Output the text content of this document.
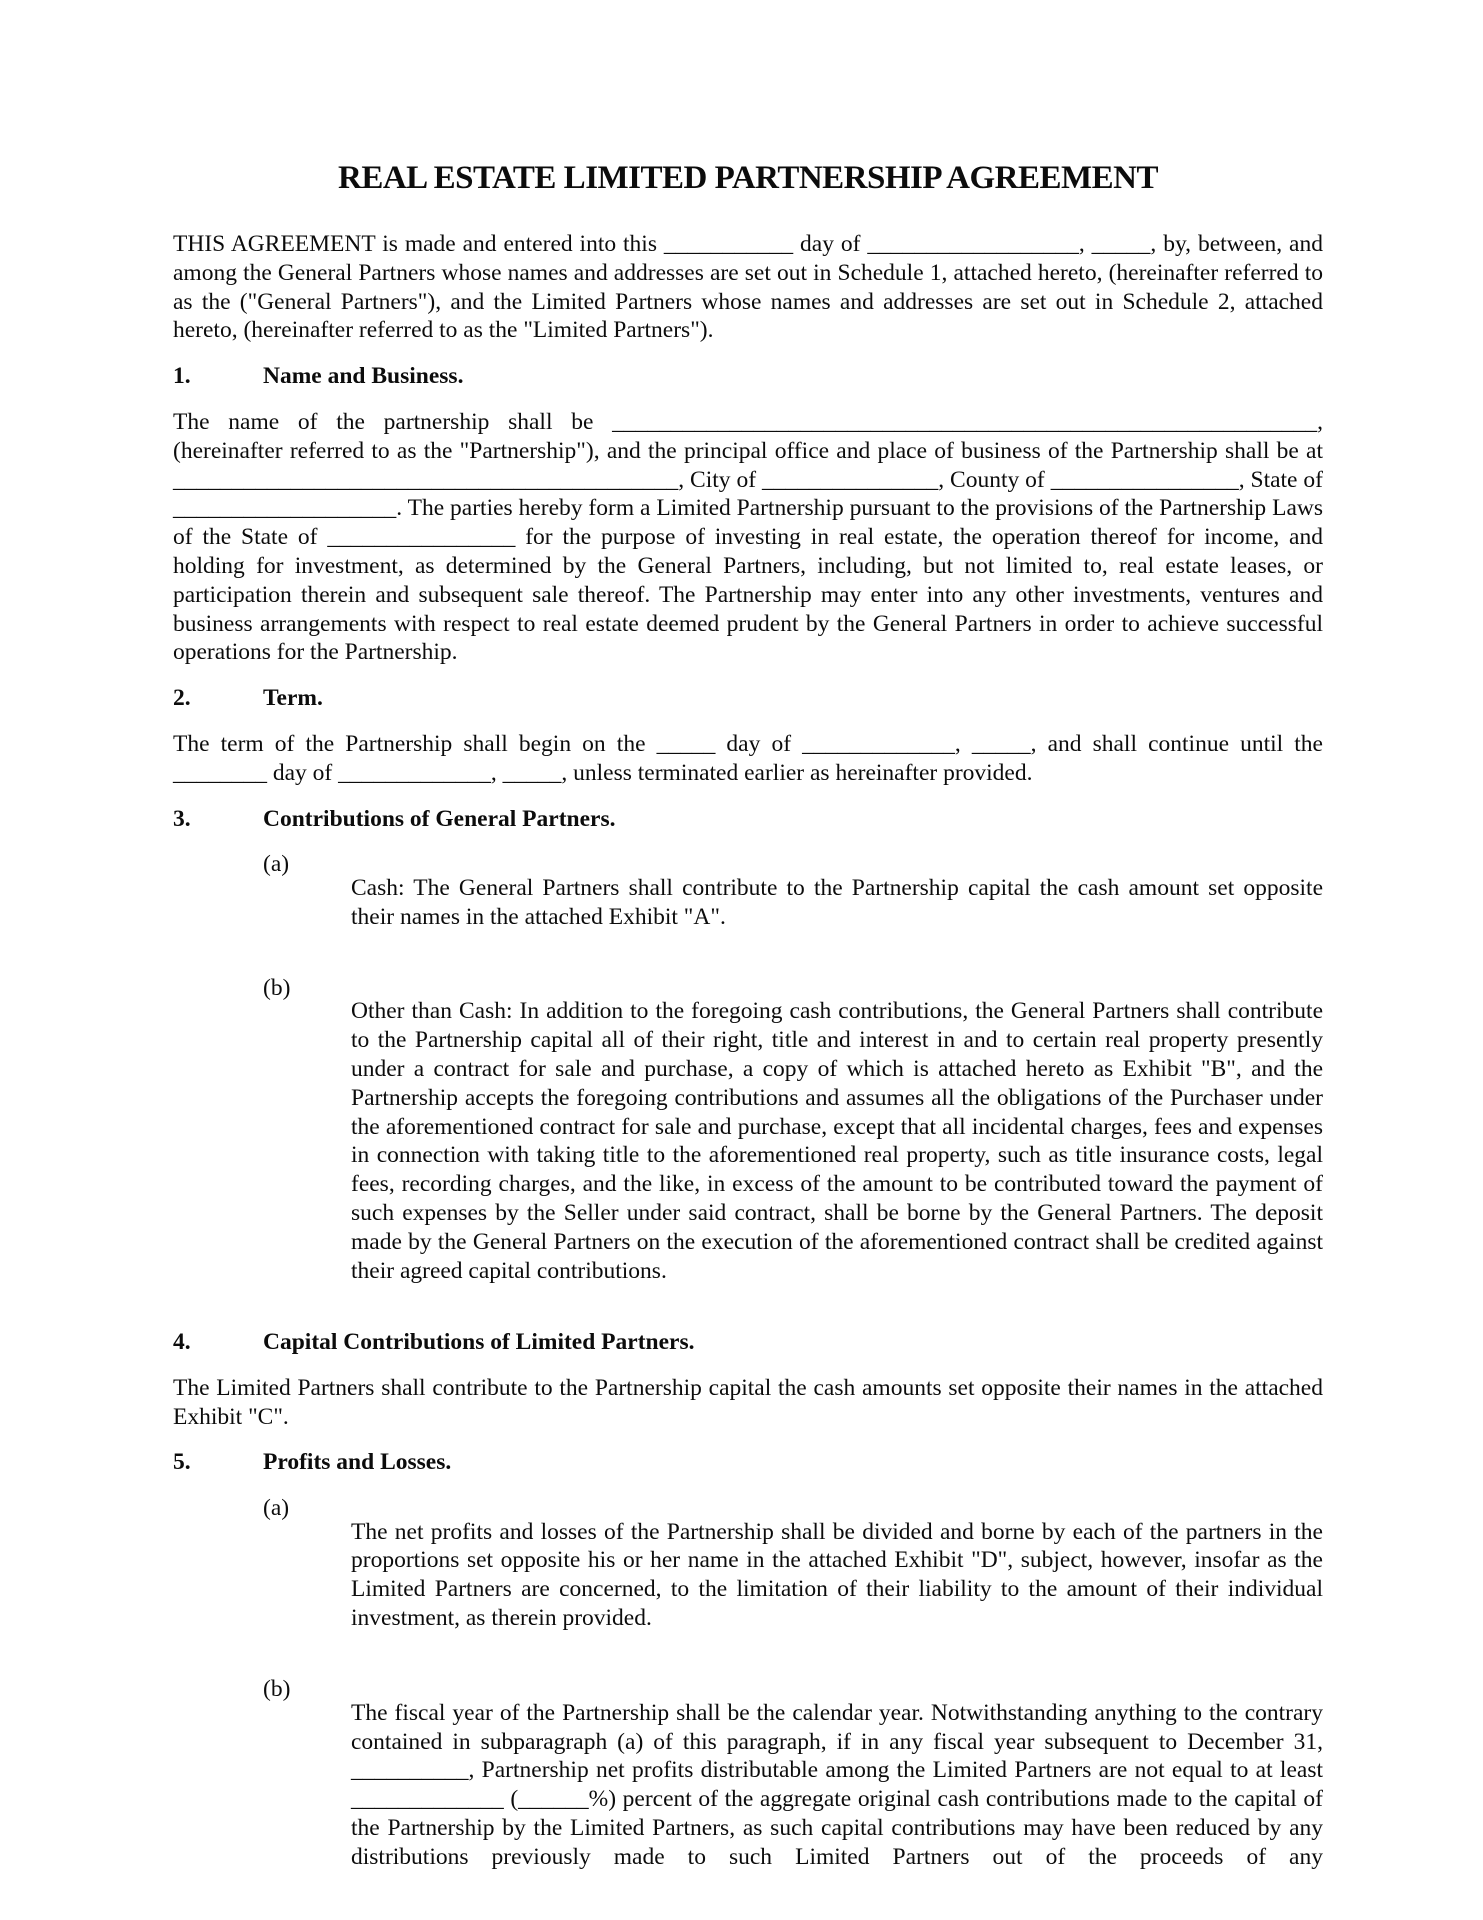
REAL ESTATE LIMITED PARTNERSHIP AGREEMENT

THIS AGREEMENT is made and entered into this ___________ day of __________________, _____, by, between, and among the General Partners whose names and addresses are set out in Schedule 1, attached hereto, (hereinafter referred to as the ("General Partners"), and the Limited Partners whose names and addresses are set out in Schedule 2, attached hereto, (hereinafter referred to as the "Limited Partners").

1.	Name and Business.

The name of the partnership shall be ____________________________________________________________, (hereinafter referred to as the "Partnership"), and the principal office and place of business of the Partnership shall be at ___________________________________________, City of _______________, County of ________________, State of ___________________. The parties hereby form a Limited Partnership pursuant to the provisions of the Partnership Laws of the State of ________________ for the purpose of investing in real estate, the operation thereof for income, and holding for investment, as determined by the General Partners, including, but not limited to, real estate leases, or participation therein and subsequent sale thereof. The Partnership may enter into any other investments, ventures and business arrangements with respect to real estate deemed prudent by the General Partners in order to achieve successful operations for the Partnership.

2.	Term.

The term of the Partnership shall begin on the _____ day of _____________, _____, and shall continue until the ________ day of _____________, _____, unless terminated earlier as hereinafter provided.

3.	Contributions of General Partners.
(a)

Cash: The General Partners shall contribute to the Partnership capital the cash amount set opposite their names in the attached Exhibit "A".

(b)

Other than Cash: In addition to the foregoing cash contributions, the General Partners shall contribute to the Partnership capital all of their right, title and interest in and to certain real property presently under a contract for sale and purchase, a copy of which is attached hereto as Exhibit "B", and the Partnership accepts the foregoing contributions and assumes all the obligations of the Purchaser under the aforementioned contract for sale and purchase, except that all incidental charges, fees and expenses in connection with taking title to the aforementioned real property, such as title insurance costs, legal fees, recording charges, and the like, in excess of the amount to be contributed toward the payment of such expenses by the Seller under said contract, shall be borne by the General Partners. The deposit made by the General Partners on the execution of the aforementioned contract shall be credited against their agreed capital contributions.

4.	Capital Contributions of Limited Partners.

The Limited Partners shall contribute to the Partnership capital the cash amounts set opposite their names in the attached Exhibit "C".

5.	Profits and Losses.
(a)

The net profits and losses of the Partnership shall be divided and borne by each of the partners in the proportions set opposite his or her name in the attached Exhibit "D", subject, however, insofar as the Limited Partners are concerned, to the limitation of their liability to the amount of their individual investment, as therein provided.

(b)

The fiscal year of the Partnership shall be the calendar year. Notwithstanding anything to the contrary contained in subparagraph (a) of this paragraph, if in any fiscal year subsequent to December 31, __________, Partnership net profits distributable among the Limited Partners are not equal to at least _____________ (______%) percent of the aggregate original cash contributions made to the capital of the Partnership by the Limited Partners, as such capital contributions may have been reduced by any distributions previously made to such Limited Partners out of the proceeds of any
